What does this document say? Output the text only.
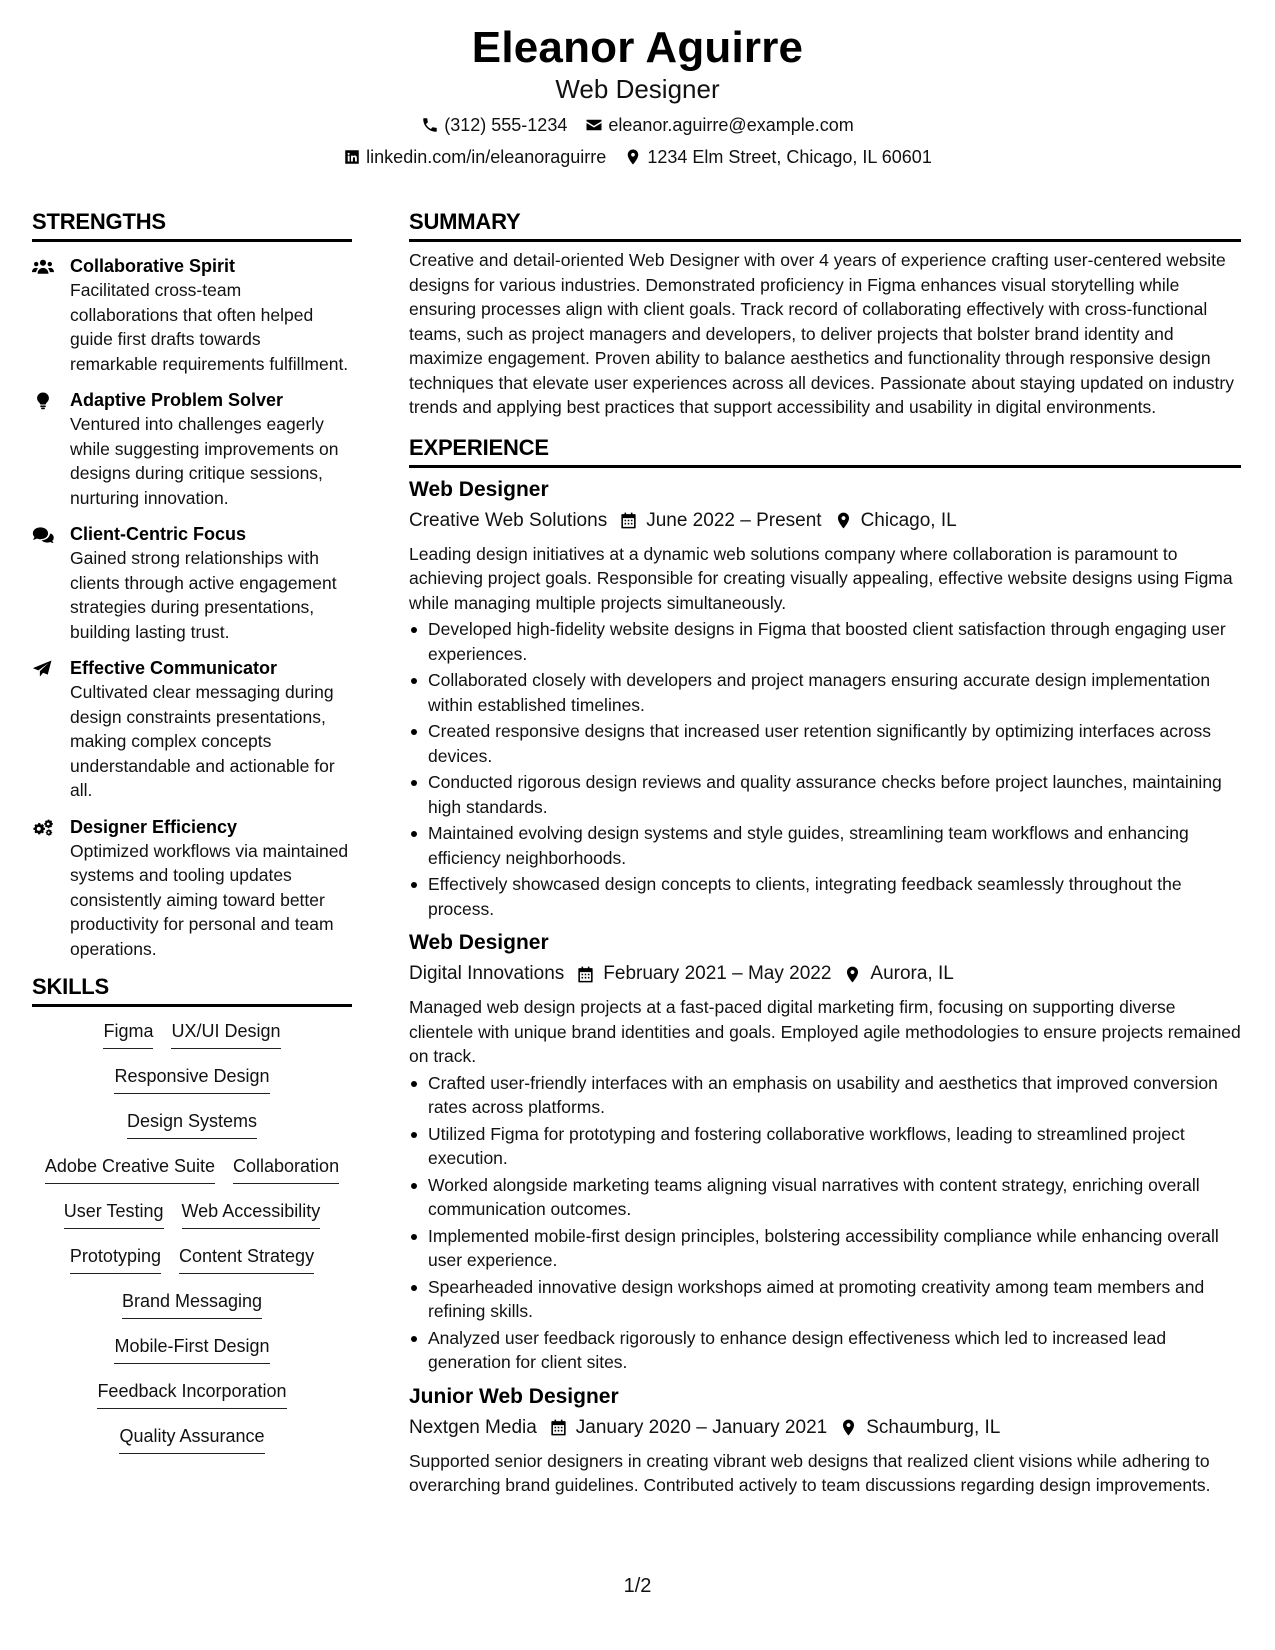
Eleanor Aguirre
Web Designer
(312) 555-1234 eleanor.aguirre@example.com
linkedin.com/in/eleanoraguirre 1234 Elm Street, Chicago, IL 60601
STRENGTHS
Collaborative Spirit
Facilitated cross-team collaborations that often helped guide first drafts towards remarkable requirements fulfillment.
Adaptive Problem Solver
Ventured into challenges eagerly while suggesting improvements on designs during critique sessions, nurturing innovation.
Client-Centric Focus
Gained strong relationships with clients through active engagement strategies during presentations, building lasting trust.
Effective Communicator
Cultivated clear messaging during design constraints presentations, making complex concepts understandable and actionable for all.
Designer Efficiency
Optimized workflows via maintained systems and tooling updates consistently aiming toward better productivity for personal and team operations.
SKILLS
Figma UX/UI Design
Responsive Design
Design Systems
Adobe Creative Suite Collaboration
User Testing Web Accessibility
Prototyping Content Strategy
Brand Messaging
Mobile-First Design
Feedback Incorporation
Quality Assurance
SUMMARY

Creative and detail-oriented Web Designer with over 4 years of experience crafting user-centered website designs for various industries. Demonstrated proficiency in Figma enhances visual storytelling while ensuring processes align with client goals. Track record of collaborating effectively with cross-functional teams, such as project managers and developers, to deliver projects that bolster brand identity and maximize engagement. Proven ability to balance aesthetics and functionality through responsive design techniques that elevate user experiences across all devices. Passionate about staying updated on industry trends and applying best practices that support accessibility and usability in digital environments.

EXPERIENCE
Web Designer
Creative Web Solutions June 2022 – Present Chicago, IL

Leading design initiatives at a dynamic web solutions company where collaboration is paramount to achieving project goals. Responsible for creating visually appealing, effective website designs using Figma while managing multiple projects simultaneously.

Developed high-fidelity website designs in Figma that boosted client satisfaction through engaging user experiences.
Collaborated closely with developers and project managers ensuring accurate design implementation within established timelines.
Created responsive designs that increased user retention significantly by optimizing interfaces across devices.
Conducted rigorous design reviews and quality assurance checks before project launches, maintaining high standards.
Maintained evolving design systems and style guides, streamlining team workflows and enhancing efficiency neighborhoods.
Effectively showcased design concepts to clients, integrating feedback seamlessly throughout the process.
Web Designer
Digital Innovations February 2021 – May 2022 Aurora, IL

Managed web design projects at a fast-paced digital marketing firm, focusing on supporting diverse clientele with unique brand identities and goals. Employed agile methodologies to ensure projects remained on track.

Crafted user-friendly interfaces with an emphasis on usability and aesthetics that improved conversion rates across platforms.
Utilized Figma for prototyping and fostering collaborative workflows, leading to streamlined project execution.
Worked alongside marketing teams aligning visual narratives with content strategy, enriching overall communication outcomes.
Implemented mobile-first design principles, bolstering accessibility compliance while enhancing overall user experience.
Spearheaded innovative design workshops aimed at promoting creativity among team members and refining skills.
Analyzed user feedback rigorously to enhance design effectiveness which led to increased lead generation for client sites.
Junior Web Designer
Nextgen Media January 2020 – January 2021 Schaumburg, IL

Supported senior designers in creating vibrant web designs that realized client visions while adhering to overarching brand guidelines. Contributed actively to team discussions regarding design improvements.

1/2
